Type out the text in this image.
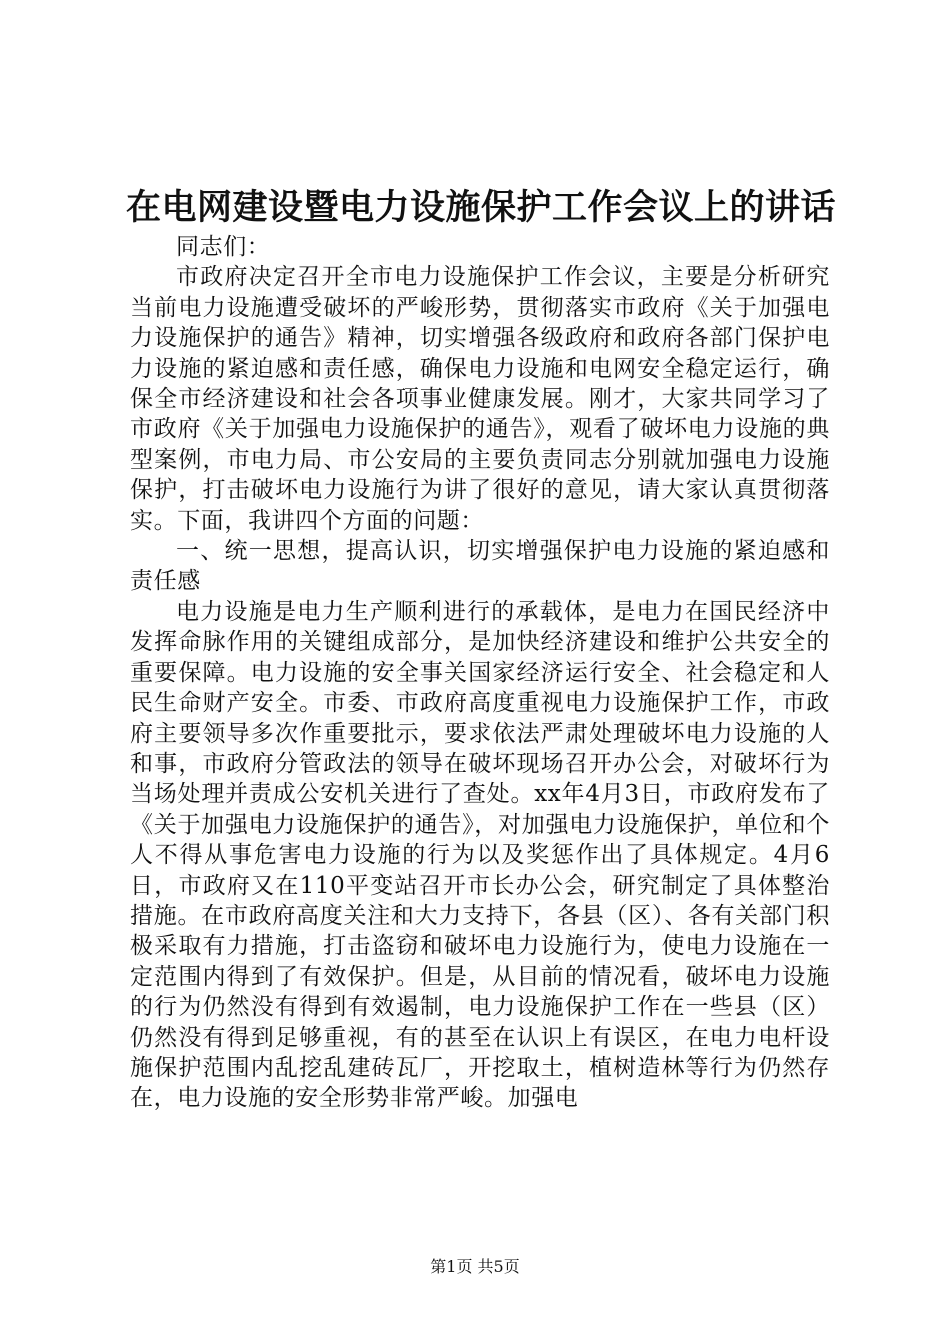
在电网建设暨电力设施保护工作会议上的讲话

同志们：

市政府决定召开全市电力设施保护工作会议，主要是分析研究当前电力设施遭受破坏的严峻形势，贯彻落实市政府《关于加强电力设施保护的通告》精神，切实增强各级政府和政府各部门保护电力设施的紧迫感和责任感，确保电力设施和电网安全稳定运行，确保全市经济建设和社会各项事业健康发展。刚才，大家共同学习了市政府《关于加强电力设施保护的通告》，观看了破坏电力设施的典型案例，市电力局、市公安局的主要负责同志分别就加强电力设施保护，打击破坏电力设施行为讲了很好的意见，请大家认真贯彻落实。下面，我讲四个方面的问题：

一、统一思想，提高认识，切实增强保护电力设施的紧迫感和责任感

电力设施是电力生产顺利进行的承载体，是电力在国民经济中发挥命脉作用的关键组成部分，是加快经济建设和维护公共安全的重要保障。电力设施的安全事关国家经济运行安全、社会稳定和人民生命财产安全。市委、市政府高度重视电力设施保护工作，市政府主要领导多次作重要批示，要求依法严肃处理破坏电力设施的人和事，市政府分管政法的领导在破坏现场召开办公会，对破坏行为当场处理并责成公安机关进行了查处。xx年4月3日，市政府发布了《关于加强电力设施保护的通告》，对加强电力设施保护，单位和个人不得从事危害电力设施的行为以及奖惩作出了具体规定。4月6日，市政府又在110平变站召开市长办公会，研究制定了具体整治措施。在市政府高度关注和大力支持下，各县（区）、各有关部门积极采取有力措施，打击盗窃和破坏电力设施行为，使电力设施在一定范围内得到了有效保护。但是，从目前的情况看，破坏电力设施的行为仍然没有得到有效遏制，电力设施保护工作在一些县（区）仍然没有得到足够重视，有的甚至在认识上有误区，在电力电杆设施保护范围内乱挖乱建砖瓦厂，开挖取土，植树造林等行为仍然存在，电力设施的安全形势非常严峻。加强电

第1页 共5页
